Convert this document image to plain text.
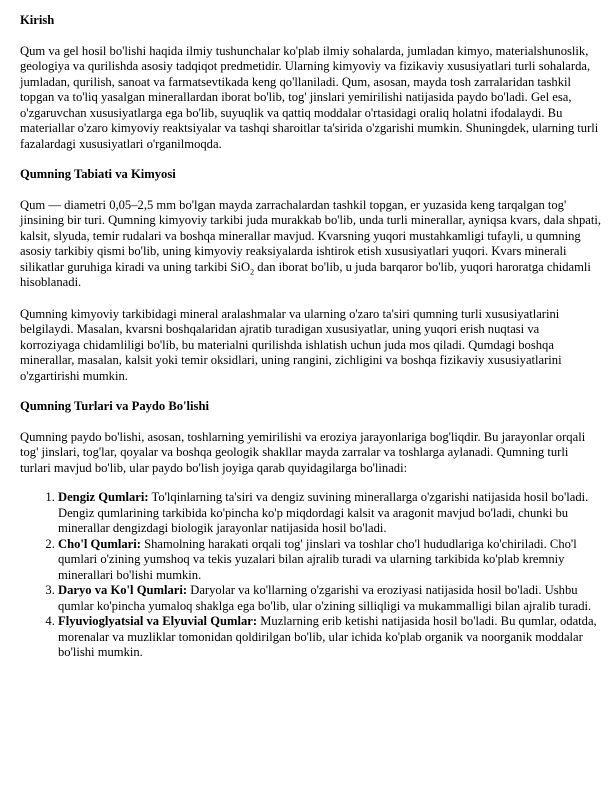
Kirish

Qum va gel hosil bo'lishi haqida ilmiy tushunchalar ko'plab ilmiy sohalarda, jumladan kimyo, materialshunoslik, geologiya va qurilishda asosiy tadqiqot predmetidir. Ularning kimyoviy va fizikaviy xususiyatlari turli sohalarda, jumladan, qurilish, sanoat va farmatsevtikada keng qo'llaniladi. Qum, asosan, mayda tosh zarralaridan tashkil topgan va to'liq yasalgan minerallardan iborat bo'lib, tog' jinslari yemirilishi natijasida paydo bo'ladi. Gel esa, o'zgaruvchan xususiyatlarga ega bo'lib, suyuqlik va qattiq moddalar o'rtasidagi oraliq holatni ifodalaydi. Bu materiallar o'zaro kimyoviy reaktsiyalar va tashqi sharoitlar ta'sirida o'zgarishi mumkin. Shuningdek, ularning turli fazalardagi xususiyatlari o'rganilmoqda.

Qumning Tabiati va Kimyosi

Qum — diametri 0,05–2,5 mm bo'lgan mayda zarrachalardan tashkil topgan, er yuzasida keng tarqalgan tog' jinsining bir turi. Qumning kimyoviy tarkibi juda murakkab bo'lib, unda turli minerallar, ayniqsa kvars, dala shpati, kalsit, slyuda, temir rudalari va boshqa minerallar mavjud. Kvarsning yuqori mustahkamligi tufayli, u qumning asosiy tarkibiy qismi bo'lib, uning kimyoviy reaksiyalarda ishtirok etish xususiyatlari yuqori. Kvars minerali silikatlar guruhiga kiradi va uning tarkibi SiO$_2$ dan iborat bo'lib, u juda barqaror bo'lib, yuqori haroratga chidamli hisoblanadi.

Qumning kimyoviy tarkibidagi mineral aralashmalar va ularning o'zaro ta'siri qumning turli xususiyatlarini belgilaydi. Masalan, kvarsni boshqalaridan ajratib turadigan xususiyatlar, uning yuqori erish nuqtasi va korroziyaga chidamliligi bo'lib, bu materialni qurilishda ishlatish uchun juda mos qiladi. Qumdagi boshqa minerallar, masalan, kalsit yoki temir oksidlari, uning rangini, zichligini va boshqa fizikaviy xususiyatlarini o'zgartirishi mumkin.

Qumning Turlari va Paydo Bo'lishi

Qumning paydo bo'lishi, asosan, toshlarning yemirilishi va eroziya jarayonlariga bog'liqdir. Bu jarayonlar orqali tog' jinslari, tog'lar, qoyalar va boshqa geologik shakllar mayda zarralar va toshlarga aylanadi. Qumning turli turlari mavjud bo'lib, ular paydo bo'lish joyiga qarab quyidagilarga bo'linadi:

1. Dengiz Qumlari: To'lqinlarning ta'siri va dengiz suvining minerallarga o'zgarishi natijasida hosil bo'ladi. Dengiz qumlarining tarkibida ko'pincha ko'p miqdordagi kalsit va aragonit mavjud bo'ladi, chunki bu minerallar dengizdagi biologik jarayonlar natijasida hosil bo'ladi.
2. Cho'l Qumlari: Shamolning harakati orqali tog' jinslari va toshlar cho'l hududlariga ko'chiriladi. Cho'l qumlari o'zining yumshoq va tekis yuzalari bilan ajralib turadi va ularning tarkibida ko'plab kremniy minerallari bo'lishi mumkin.
3. Daryo va Ko'l Qumlari: Daryolar va ko'llarning o'zgarishi va eroziyasi natijasida hosil bo'ladi. Ushbu qumlar ko'pincha yumaloq shaklga ega bo'lib, ular o'zining silliqligi va mukammalligi bilan ajralib turadi.
4. Flyuvioglyatsial va Elyuvial Qumlar: Muzlarning erib ketishi natijasida hosil bo'ladi. Bu qumlar, odatda, morenalar va muzliklar tomonidan qoldirilgan bo'lib, ular ichida ko'plab organik va noorganik moddalar bo'lishi mumkin.
